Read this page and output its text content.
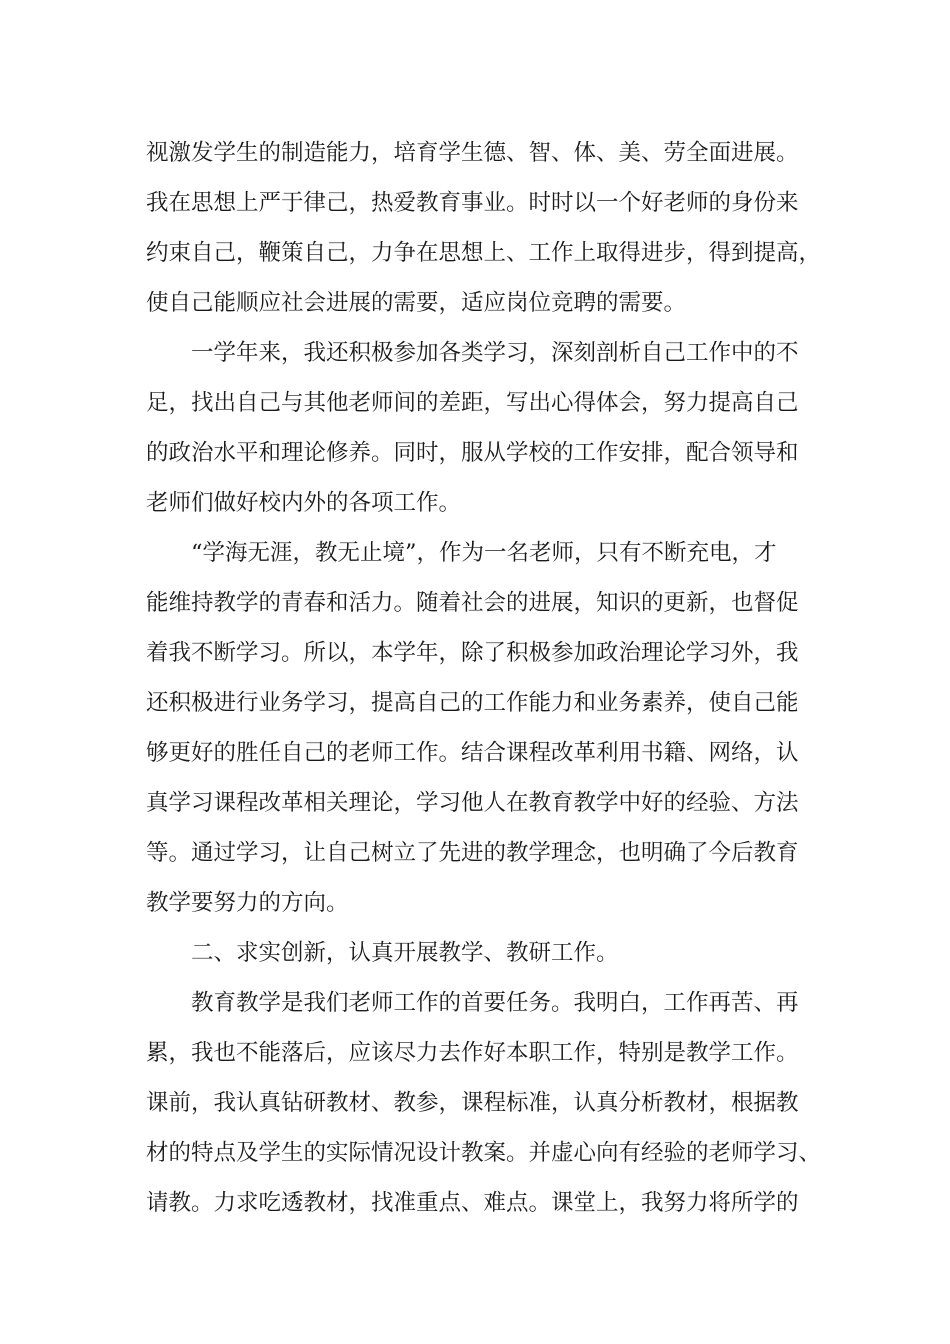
视激发学生的制造能力，培育学生德、智、体、美、劳全面进展。
我在思想上严于律己，热爱教育事业。时时以一个好老师的身份来
约束自己，鞭策自己，力争在思想上、工作上取得进步，得到提高，
使自己能顺应社会进展的需要，适应岗位竞聘的需要。
一学年来，我还积极参加各类学习，深刻剖析自己工作中的不
足，找出自己与其他老师间的差距，写出心得体会，努力提高自己
的政治水平和理论修养。同时，服从学校的工作安排，配合领导和
老师们做好校内外的各项工作。
“学海无涯，教无止境”，作为一名老师，只有不断充电，才
能维持教学的青春和活力。随着社会的进展，知识的更新，也督促
着我不断学习。所以，本学年，除了积极参加政治理论学习外，我
还积极进行业务学习，提高自己的工作能力和业务素养，使自己能
够更好的胜任自己的老师工作。结合课程改革利用书籍、网络，认
真学习课程改革相关理论，学习他人在教育教学中好的经验、方法
等。通过学习，让自己树立了先进的教学理念，也明确了今后教育
教学要努力的方向。
二、求实创新，认真开展教学、教研工作。
教育教学是我们老师工作的首要任务。我明白，工作再苦、再
累，我也不能落后，应该尽力去作好本职工作，特别是教学工作。
课前，我认真钻研教材、教参，课程标准，认真分析教材，根据教
材的特点及学生的实际情况设计教案。并虚心向有经验的老师学习、
请教。力求吃透教材，找准重点、难点。课堂上，我努力将所学的
